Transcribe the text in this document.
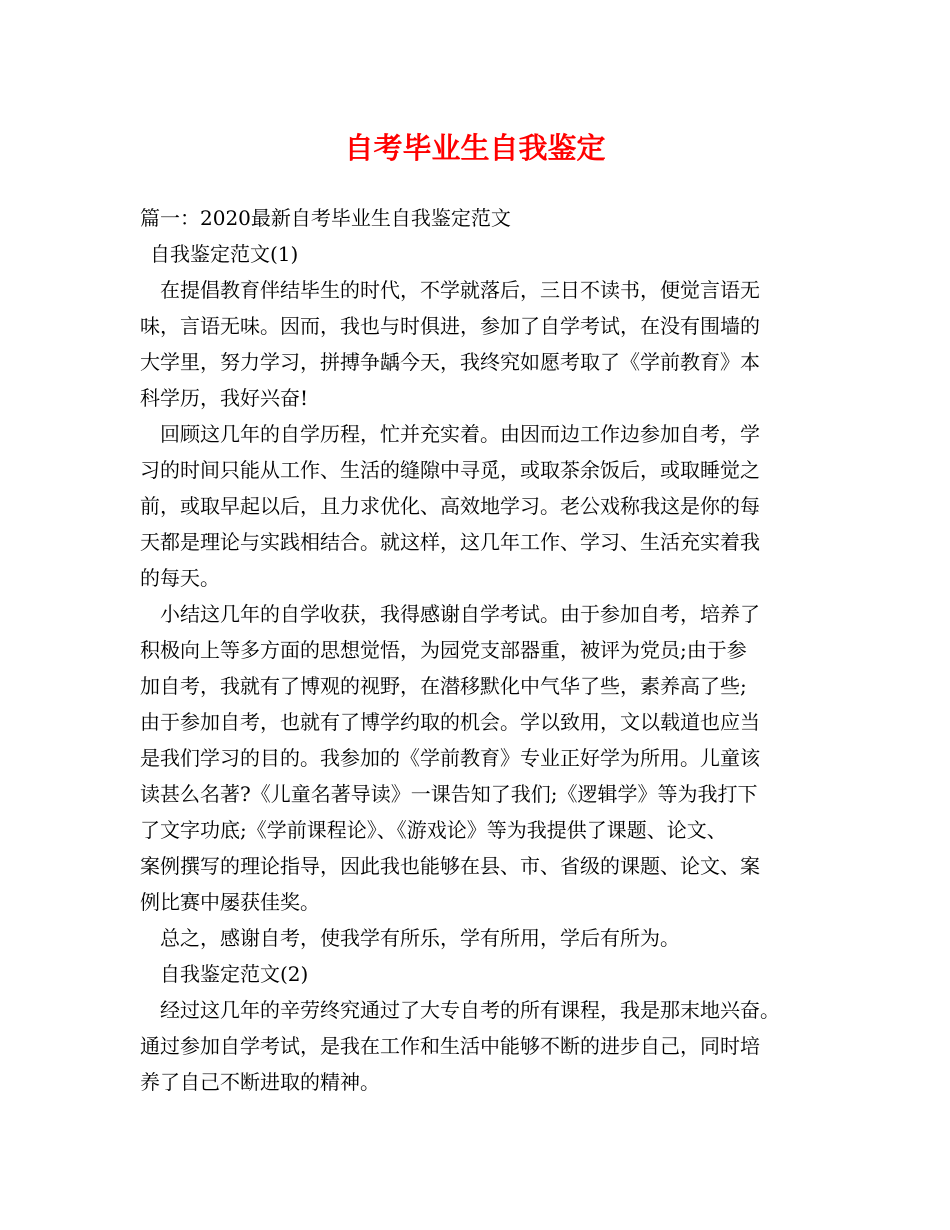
自考毕业生自我鉴定

篇一：2020最新自考毕业生自我鉴定范文

自我鉴定范文(1)

在提倡教育伴结毕生的时代，不学就落后，三日不读书，便觉言语无

味，言语无味。因而，我也与时俱进，参加了自学考试，在没有围墙的

大学里，努力学习，拼搏争龋今天，我终究如愿考取了《学前教育》本

科学历，我好兴奋!

回顾这几年的自学历程，忙并充实着。由因而边工作边参加自考，学

习的时间只能从工作、生活的缝隙中寻觅，或取茶余饭后，或取睡觉之

前，或取早起以后，且力求优化、高效地学习。老公戏称我这是你的每

天都是理论与实践相结合。就这样，这几年工作、学习、生活充实着我

的每天。

小结这几年的自学收获，我得感谢自学考试。由于参加自考，培养了

积极向上等多方面的思想觉悟，为园党支部器重，被评为党员;由于参

加自考，我就有了博观的视野，在潜移默化中气华了些，素养高了些;

由于参加自考，也就有了博学约取的机会。学以致用，文以载道也应当

是我们学习的目的。我参加的《学前教育》专业正好学为所用。儿童该

读甚么名著?《儿童名著导读》一课告知了我们;《逻辑学》等为我打下

了文字功底;《学前课程论》、《游戏论》等为我提供了课题、论文、

案例撰写的理论指导，因此我也能够在县、市、省级的课题、论文、案

例比赛中屡获佳奖。

总之，感谢自考，使我学有所乐，学有所用，学后有所为。

自我鉴定范文(2)

经过这几年的辛劳终究通过了大专自考的所有课程，我是那末地兴奋。

通过参加自学考试，是我在工作和生活中能够不断的进步自己，同时培

养了自己不断进取的精神。
